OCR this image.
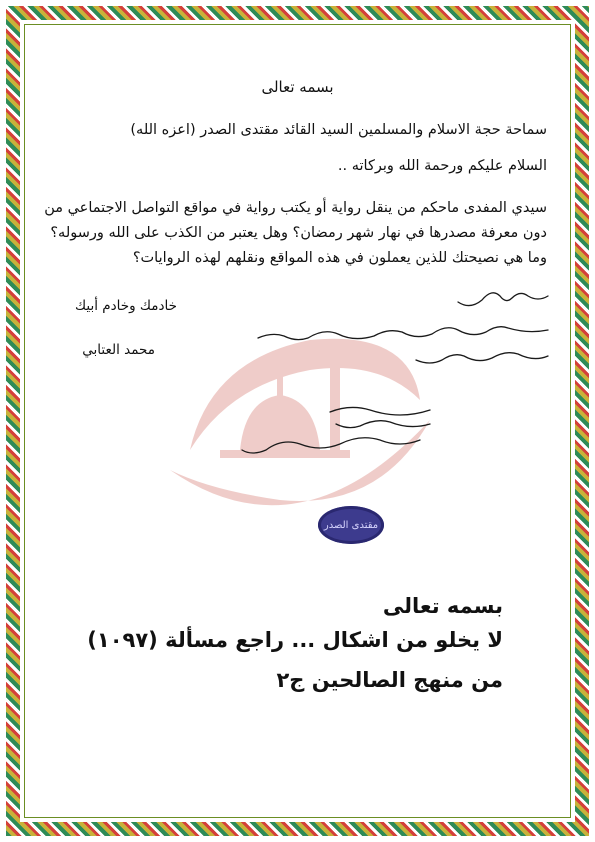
بسمه تعالى
سماحة حجة الاسلام والمسلمين السيد القائد مقتدى الصدر (اعزه الله)
السلام عليكم ورحمة الله وبركاته ..
سيدي المفدى ماحكم من ينقل رواية أو يكتب رواية في مواقع التواصل الاجتماعي من دون معرفة مصدرها في نهار شهر رمضان؟ وهل يعتبر من الكذب على الله ورسوله؟ وما هي نصيحتك للذين يعملون في هذه المواقع ونقلهم لهذه الروايات؟
خادمك وخادم أبيك
محمد العتابي
مقتدى الصدر
بسمه تعالى
لا يخلو من اشكال ... راجع مسألة (١٠٩٧)
من منهج الصالحين ج٢
